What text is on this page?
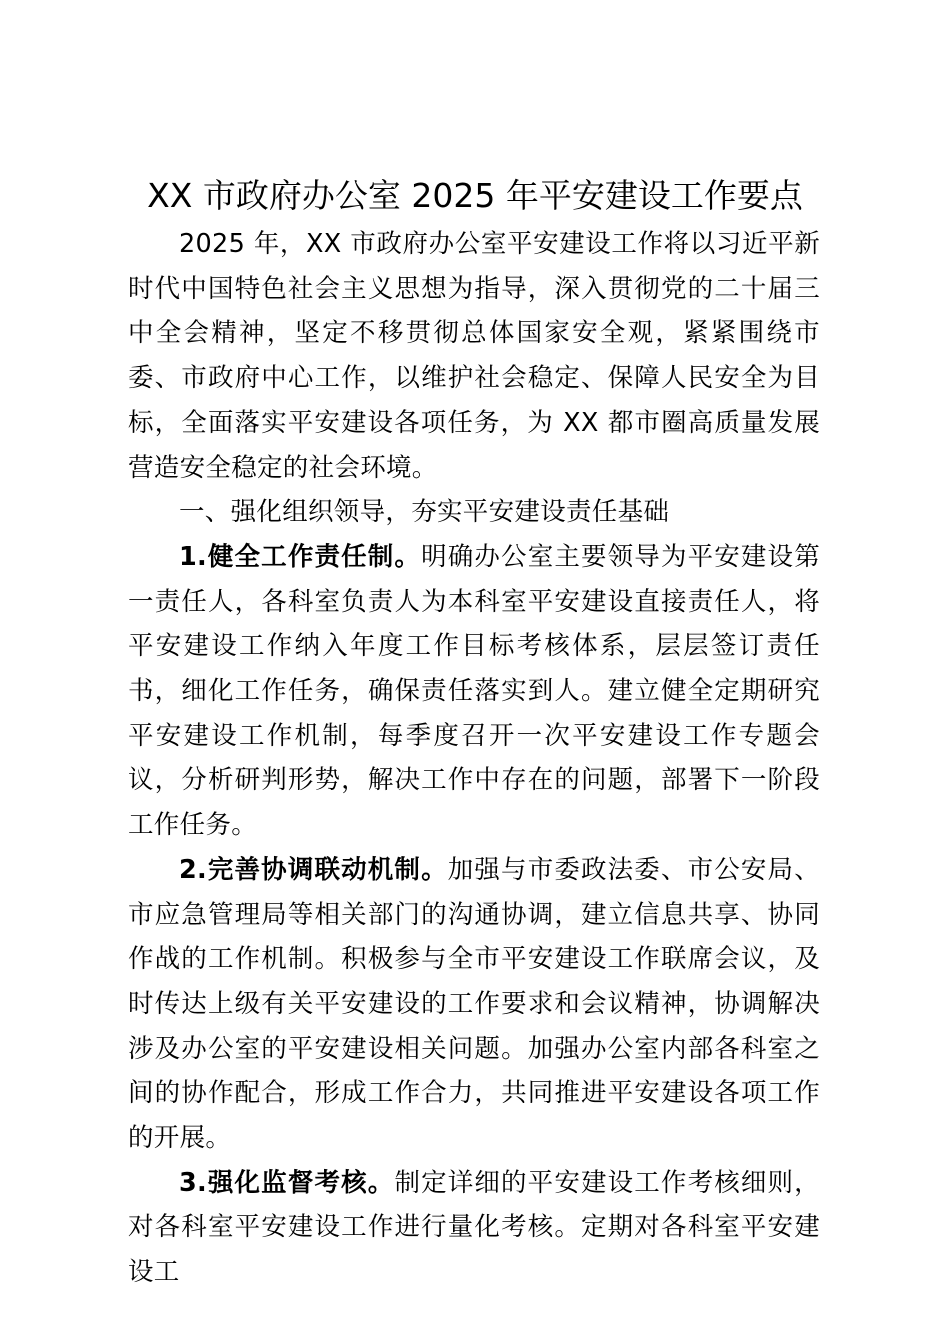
XX 市政府办公室 2025 年平安建设工作要点

2025 年，XX 市政府办公室平安建设工作将以习近平新时代中国特色社会主义思想为指导，深入贯彻党的二十届三中全会精神，坚定不移贯彻总体国家安全观，紧紧围绕市委、市政府中心工作，以维护社会稳定、保障人民安全为目标，全面落实平安建设各项任务，为 XX 都市圈高质量发展营造安全稳定的社会环境。

一、强化组织领导，夯实平安建设责任基础

1.健全工作责任制。明确办公室主要领导为平安建设第一责任人，各科室负责人为本科室平安建设直接责任人，将平安建设工作纳入年度工作目标考核体系，层层签订责任书，细化工作任务，确保责任落实到人。建立健全定期研究平安建设工作机制，每季度召开一次平安建设工作专题会议，分析研判形势，解决工作中存在的问题，部署下一阶段工作任务。

2.完善协调联动机制。加强与市委政法委、市公安局、市应急管理局等相关部门的沟通协调，建立信息共享、协同作战的工作机制。积极参与全市平安建设工作联席会议，及时传达上级有关平安建设的工作要求和会议精神，协调解决涉及办公室的平安建设相关问题。加强办公室内部各科室之间的协作配合，形成工作合力，共同推进平安建设各项工作的开展。

3.强化监督考核。制定详细的平安建设工作考核细则，对各科室平安建设工作进行量化考核。定期对各科室平安建设工
